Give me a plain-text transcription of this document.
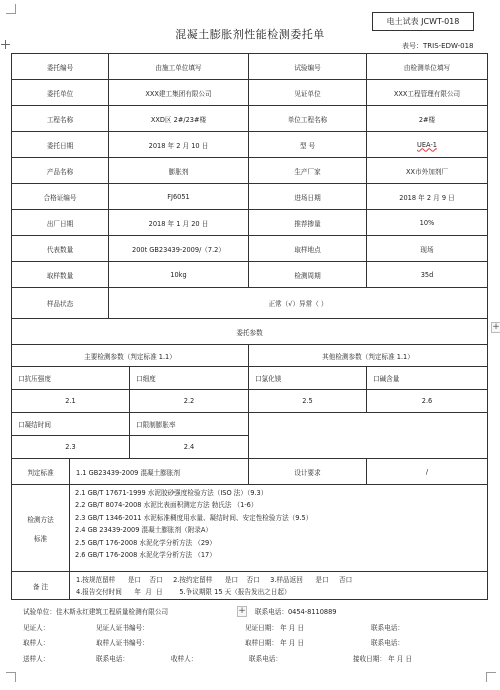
+
+
电土试表 JCWT-018
混凝土膨胀剂性能检测委托单
表号：TRIS-EDW-018
委托编号	由施工单位填写	试验编号	由检测单位填写
委托单位	XXX建工集团有限公司	见证单位	XXX工程管理有限公司
工程名称	XXD区 2#/23#楼	单位工程名称	2#楼
委托日期	2018 年 2 月 10 日	型 号	UEA-1
产品名称	膨胀剂	生产厂家	XX市外加剂厂
合格证编号	FJ6051	进场日期	2018 年 2 月 9 日
出厂日期	2018 年 1 月 20 日	推荐掺量	10%
代表数量	200t GB23439-2009/（7.2）	取样地点	现场
取样数量	10kg	检测周期	35d
样品状态	正常（√）异常（ ）
委托参数
主要检测参数（判定标准 1.1）	其他检测参数（判定标准 1.1）
口抗压强度	口细度	口氯化镁	口碱含量
2.1	2.2	2.5	2.6
口凝结时间	口限制膨胀率
2.3	2.4
判定标准	1.1 GB23439-2009 混凝土膨胀剂	设计要求	/
检测方法
标准
2.1 GB/T 17671-1999 水泥胶砂强度检验方法（ISO 法）（9.3）
2.2 GB/T 8074-2008 水泥比表面积测定方法 勃氏法 （1-6）
2.3 GB/T 1346-2011 水泥标准稠度用水量、凝结时间、安定性检验方法（9.5）
2.4 GB 23439-2009 混凝土膨胀剂（附录A）
2.5 GB/T 176-2008 水泥化学分析方法 （29）
2.6 GB/T 176-2008 水泥化学分析方法 （17）
备 注
1.按规范留样      是口    否口     2.按约定留样      是口    否口     3.样品返回      是口     否口
4.报告交付时间      年  月  日        5.争议期限 15 天（报告发出之日起）
试验单位：佳木斯永红建筑工程质量检测有限公司	联系电话：0454-8110889
见证人：	见证人证书编号：	见证日期： 年 月 日	联系电话：
取样人：	取样人证书编号：	取样日期： 年 月 日	联系电话：
送样人：	联系电话：	收样人：	联系电话：	接收日期： 年 月 日
